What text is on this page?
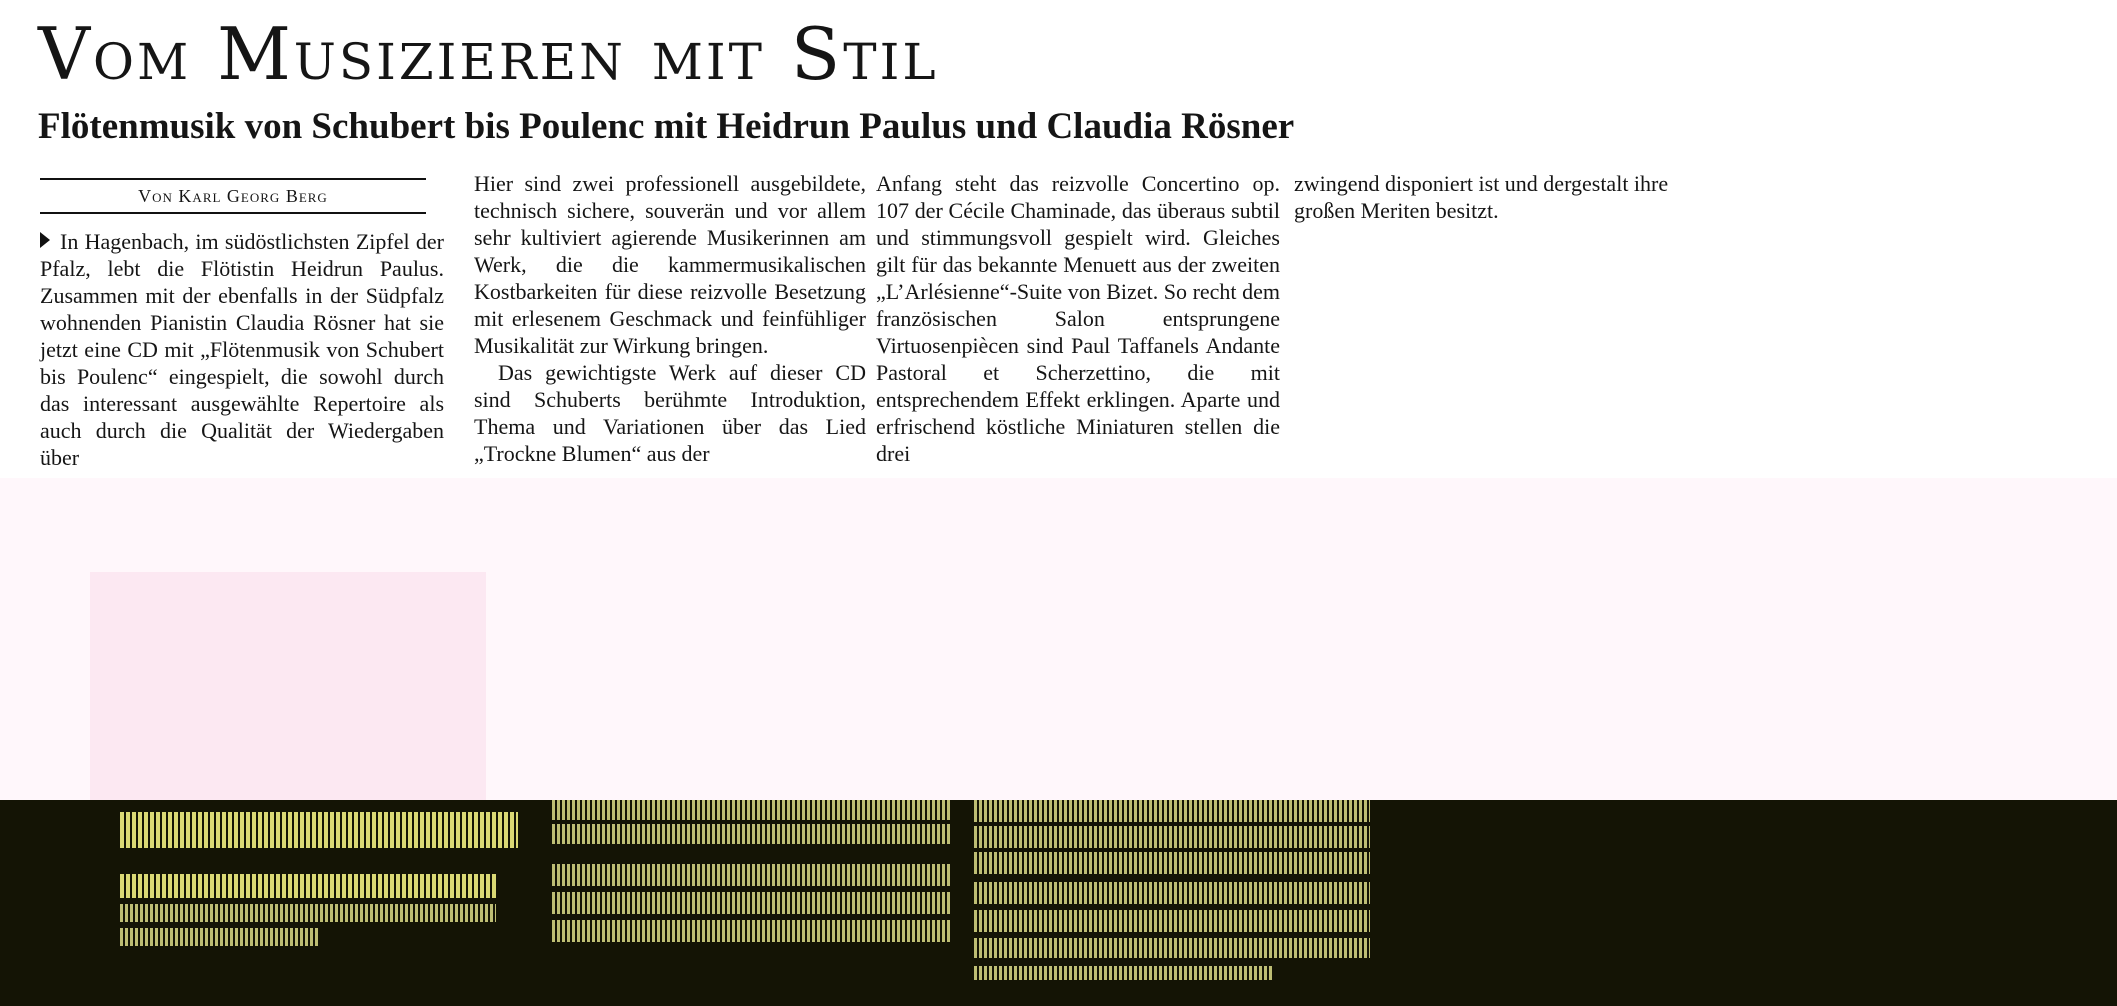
Vom Musizieren mit Stil
Flötenmusik von Schubert bis Poulenc mit Heidrun Paulus und Claudia Rösner
Von Karl Georg Berg

In Hagenbach, im südöstlichsten Zipfel der Pfalz, lebt die Flötistin Heidrun Paulus. Zusammen mit der ebenfalls in der Südpfalz wohnenden Pianistin Claudia Rösner hat sie jetzt eine CD mit „Flötenmusik von Schubert bis Poulenc“ eingespielt, die sowohl durch das interessant ausgewählte Repertoire als auch durch die Qualität der Wiedergaben über

Hier sind zwei professionell ausgebildete, technisch sichere, souverän und vor allem sehr kultiviert agierende Musikerinnen am Werk, die die kammermusikalischen Kostbarkeiten für diese reizvolle Besetzung mit erlesenem Geschmack und feinfühliger Musikalität zur Wirkung bringen.

Das gewichtigste Werk auf dieser CD sind Schuberts berühmte Introduktion, Thema und Variationen über das Lied „Trockne Blumen“ aus der

Anfang steht das reizvolle Concertino op. 107 der Cécile Chaminade, das überaus subtil und stimmungsvoll gespielt wird. Gleiches gilt für das bekannte Menuett aus der zweiten „L’Arlésienne“-Suite von Bizet. So recht dem französischen Salon entsprungene Virtuosenpiècen sind Paul Taffanels Andante Pastoral et Scherzettino, die mit entsprechendem Effekt erklingen. Aparte und erfrischend köstliche Miniaturen stellen die drei

zwingend disponiert ist und dergestalt ihre großen Meriten besitzt.
